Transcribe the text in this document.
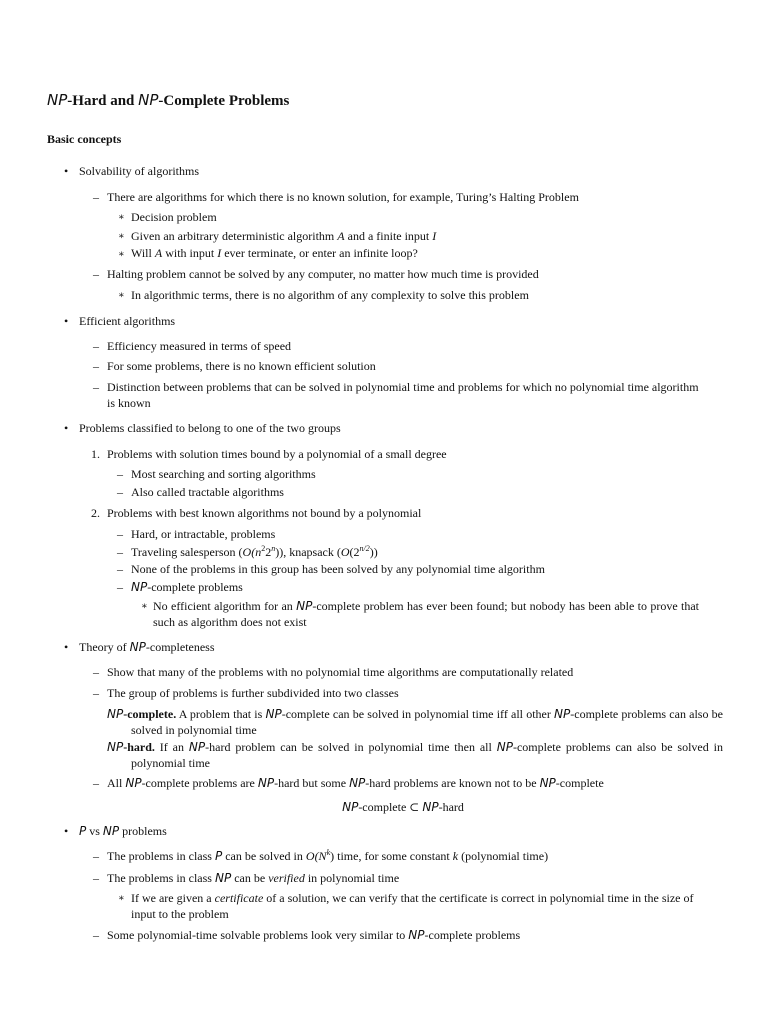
NP-Hard and NP-Complete Problems
Basic concepts
• Solvability of algorithms
– There are algorithms for which there is no known solution, for example, Turing’s Halting Problem
∗ Decision problem
∗ Given an arbitrary deterministic algorithm A and a finite input I
∗ Will A with input I ever terminate, or enter an infinite loop?
– Halting problem cannot be solved by any computer, no matter how much time is provided
∗ In algorithmic terms, there is no algorithm of any complexity to solve this problem
• Efficient algorithms
– Efficiency measured in terms of speed
– For some problems, there is no known efficient solution
– Distinction between problems that can be solved in polynomial time and problems for which no polynomial time algorithm is known
• Problems classified to belong to one of the two groups
1. Problems with solution times bound by a polynomial of a small degree
– Most searching and sorting algorithms
– Also called tractable algorithms
2. Problems with best known algorithms not bound by a polynomial
– Hard, or intractable, problems
– Traveling salesperson $(O(n^22^n))$, knapsack $(O(2^{n/2}))$
– None of the problems in this group has been solved by any polynomial time algorithm
– NP-complete problems
∗ No efficient algorithm for an NP-complete problem has ever been found; but nobody has been able to prove that such as algorithm does not exist
• Theory of NP-completeness
– Show that many of the problems with no polynomial time algorithms are computationally related
– The group of problems is further subdivided into two classes
NP-complete. A problem that is NP-complete can be solved in polynomial time iff all other NP-complete problems can also be solved in polynomial time
NP-hard. If an NP-hard problem can be solved in polynomial time then all NP-complete problems can also be solved in polynomial time
– All NP-complete problems are NP-hard but some NP-hard problems are known not to be NP-complete
NP-complete ⊂ NP-hard
• P vs NP problems
– The problems in class P can be solved in $O(N^k)$ time, for some constant k (polynomial time)
– The problems in class NP can be verified in polynomial time
∗ If we are given a certificate of a solution, we can verify that the certificate is correct in polynomial time in the size of input to the problem
– Some polynomial-time solvable problems look very similar to NP-complete problems
